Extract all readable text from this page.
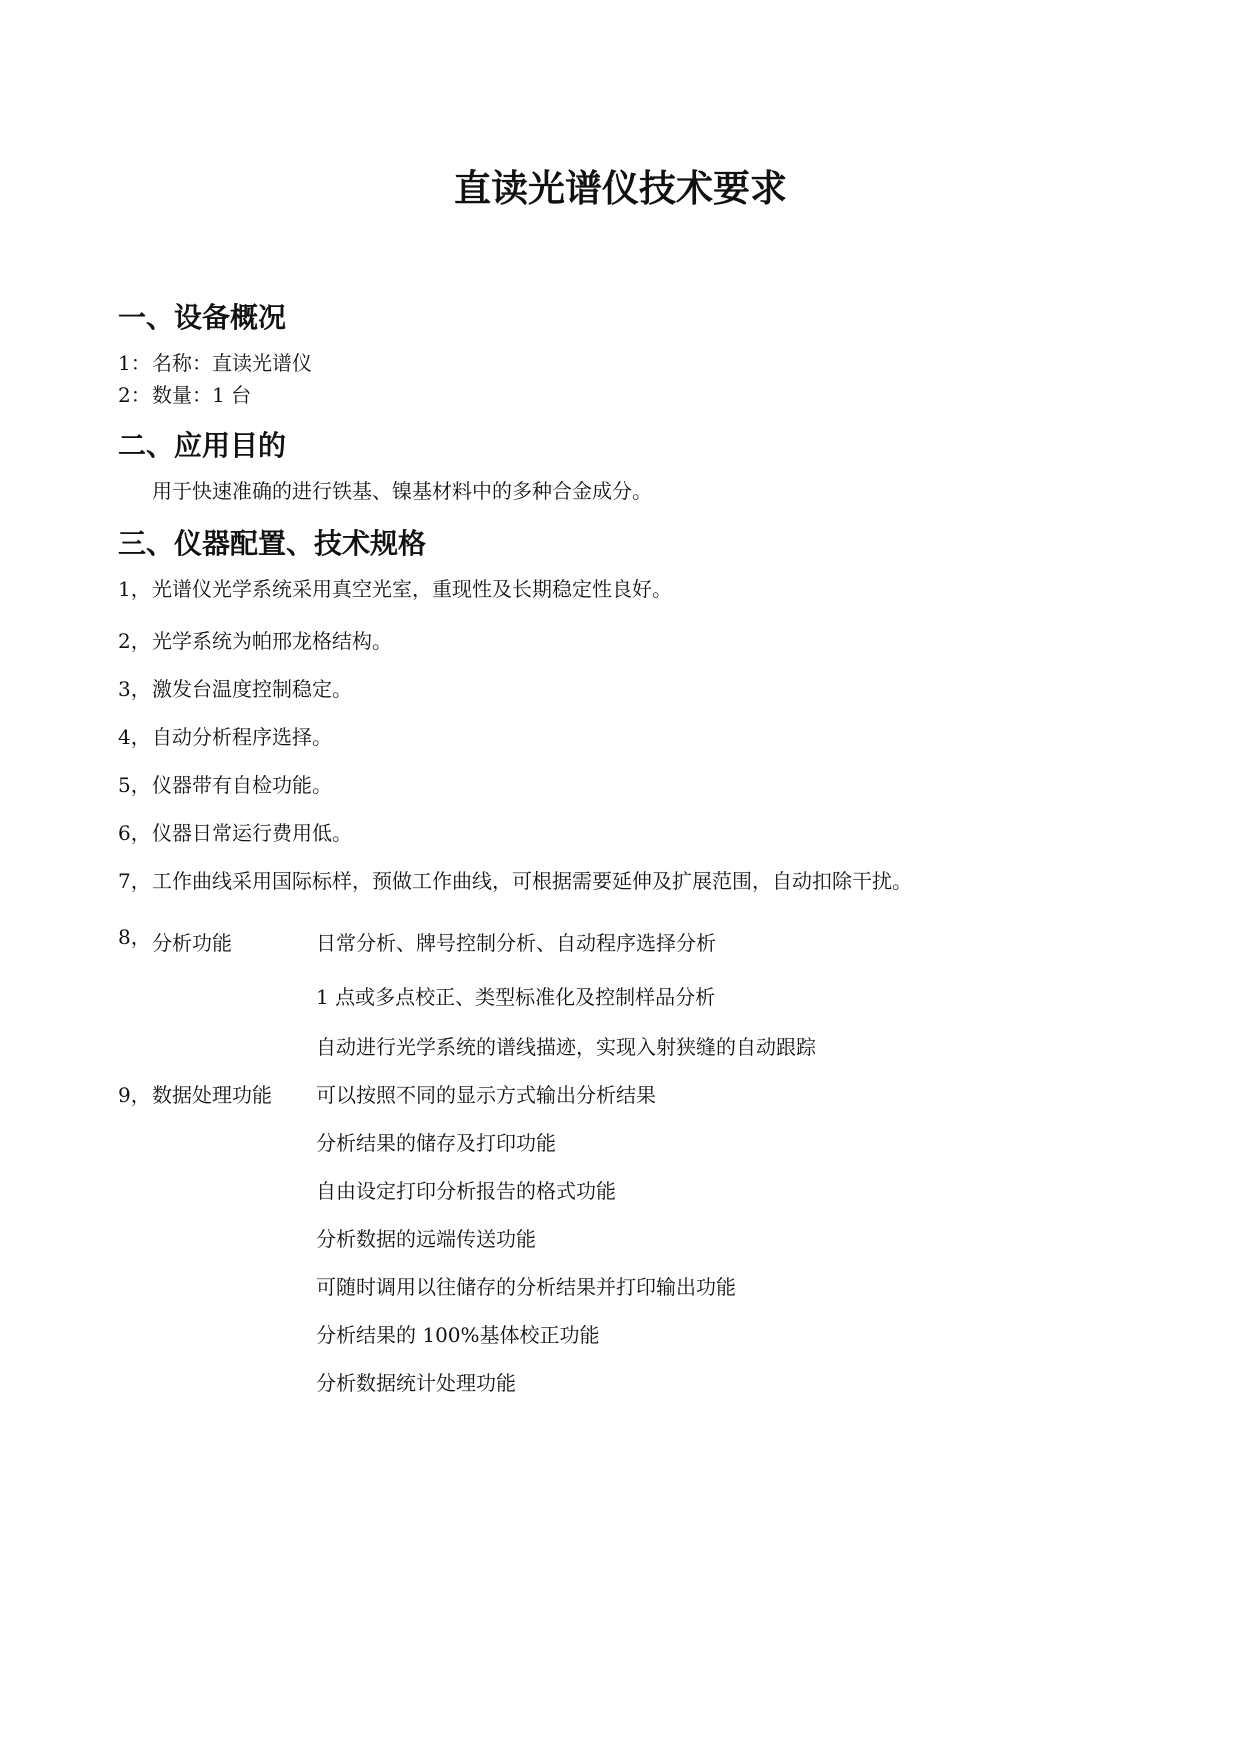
直读光谱仪技术要求
一、设备概况
1： 名称：直读光谱仪
2： 数量：1 台
二、应用目的
用于快速准确的进行铁基、镍基材料中的多种合金成分。
三、仪器配置、技术规格
1， 光谱仪光学系统采用真空光室，重现性及长期稳定性良好。
2， 光学系统为帕邢龙格结构。
3， 激发台温度控制稳定。
4， 自动分析程序选择。
5， 仪器带有自检功能。
6， 仪器日常运行费用低。
7， 工作曲线采用国际标样，预做工作曲线，可根据需要延伸及扩展范围，自动扣除干扰。
8， 分析功能	日常分析、牌号控制分析、自动程序选择分析
1 点或多点校正、类型标准化及控制样品分析
自动进行光学系统的谱线描迹，实现入射狭缝的自动跟踪
9， 数据处理功能 可以按照不同的显示方式输出分析结果
分析结果的储存及打印功能
自由设定打印分析报告的格式功能
分析数据的远端传送功能
可随时调用以往储存的分析结果并打印输出功能
分析结果的 100%基体校正功能
分析数据统计处理功能
